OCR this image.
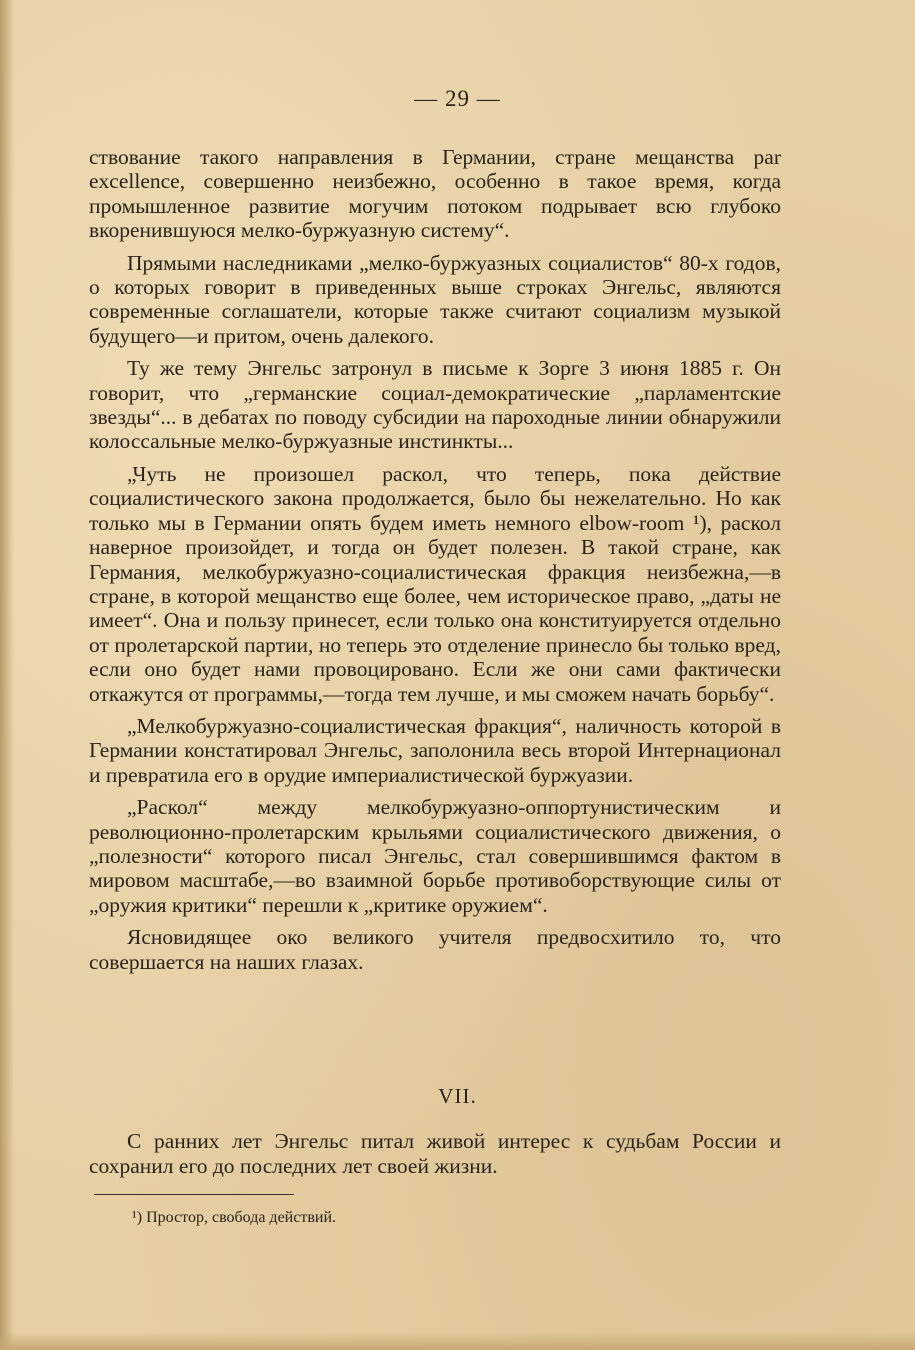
— 29 —

ствование такого направления в Германии, стране мещанства par excellence, совершенно неизбежно, особенно в такое время, когда промышленное развитие могучим потоком подрывает всю глубоко вкоренившуюся мелко-буржуазную систему“.

Прямыми наследниками „мелко-буржуазных социалистов“ 80-х годов, о которых говорит в приведенных выше строках Энгельс, являются современные соглашатели, которые также считают социализм музыкой будущего—и притом, очень далекого.

Ту же тему Энгельс затронул в письме к Зорге 3 июня 1885 г. Он говорит, что „германские социал-демократические „парламентские звезды“... в дебатах по поводу субсидии на пароходные линии обнаружили колоссальные мелко-буржуазные инстинкты...

„Чуть не произошел раскол, что теперь, пока действие социалистического закона продолжается, было бы нежелательно. Но как только мы в Германии опять будем иметь немного elbow-room ¹), раскол наверное произойдет, и тогда он будет полезен. В такой стране, как Германия, мелкобуржуазно-социалистическая фракция неизбежна,—в стране, в которой мещанство еще более, чем историческое право, „даты не имеет“. Она и пользу принесет, если только она конституируется отдельно от пролетарской партии, но теперь это отделение принесло бы только вред, если оно будет нами провоцировано. Если же они сами фактически откажутся от программы,—тогда тем лучше, и мы сможем начать борьбу“.

„Мелкобуржуазно-социалистическая фракция“, наличность которой в Германии констатировал Энгельс, заполонила весь второй Интернационал и превратила его в орудие империалистической буржуазии.

„Раскол“ между мелкобуржуазно-оппортунистическим и революционно-пролетарским крыльями социалистического движения, о „полезности“ которого писал Энгельс, стал совершившимся фактом в мировом масштабе,—во взаимной борьбе противоборствующие силы от „оружия критики“ перешли к „критике оружием“.

Ясновидящее око великого учителя предвосхитило то, что совершается на наших глазах.

VII.

С ранних лет Энгельс питал живой интерес к судьбам России и сохранил его до последних лет своей жизни.

¹) Простор, свобода действий.
